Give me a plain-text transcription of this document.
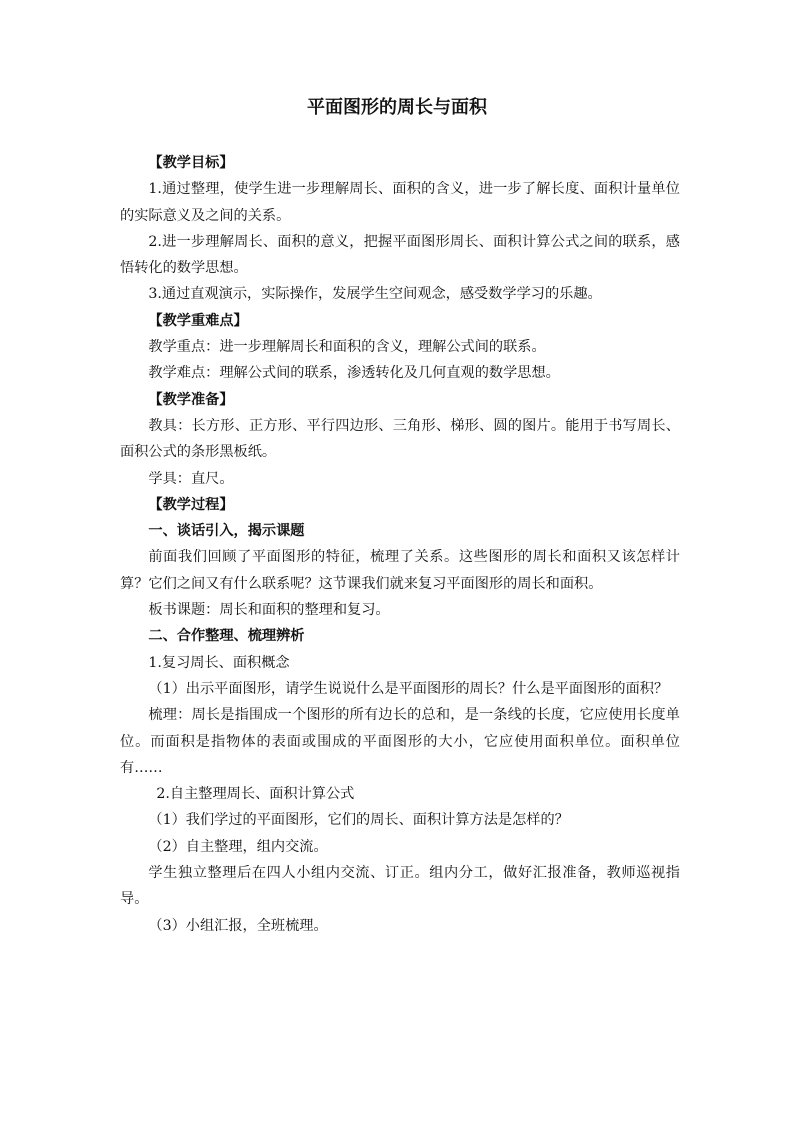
平面图形的周长与面积

【教学目标】

1.通过整理，使学生进一步理解周长、面积的含义，进一步了解长度、面积计量单位的实际意义及之间的关系。

2.进一步理解周长、面积的意义，把握平面图形周长、面积计算公式之间的联系，感悟转化的数学思想。

3.通过直观演示，实际操作，发展学生空间观念，感受数学学习的乐趣。

【教学重难点】

教学重点：进一步理解周长和面积的含义，理解公式间的联系。

教学难点：理解公式间的联系，渗透转化及几何直观的数学思想。

【教学准备】

教具：长方形、正方形、平行四边形、三角形、梯形、圆的图片。能用于书写周长、面积公式的条形黑板纸。

学具：直尺。

【教学过程】

一、谈话引入，揭示课题

前面我们回顾了平面图形的特征，梳理了关系。这些图形的周长和面积又该怎样计算？它们之间又有什么联系呢？这节课我们就来复习平面图形的周长和面积。

板书课题：周长和面积的整理和复习。

二、合作整理、梳理辨析

1.复习周长、面积概念

（1）出示平面图形，请学生说说什么是平面图形的周长？什么是平面图形的面积？

梳理：周长是指围成一个图形的所有边长的总和，是一条线的长度，它应使用长度单位。而面积是指物体的表面或围成的平面图形的大小，它应使用面积单位。面积单位有……

2.自主整理周长、面积计算公式

（1）我们学过的平面图形，它们的周长、面积计算方法是怎样的？

（2）自主整理，组内交流。

学生独立整理后在四人小组内交流、订正。组内分工，做好汇报准备，教师巡视指导。

（3）小组汇报，全班梳理。
